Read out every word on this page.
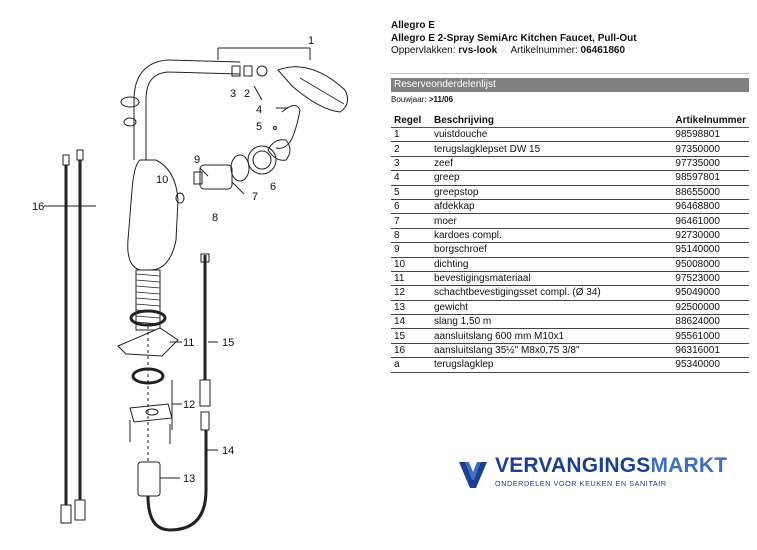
1
2
3
4
5
6
7
8
9
10
11
12
13
14
15
16
Allegro E
Allegro E 2-Spray SemiArc Kitchen Faucet, Pull-Out
Oppervlakken: rvs-look Artikelnummer: 06461860
Reserveonderdelenlijst
Bouwjaar: >11/06
Regel	Beschrijving	Artikelnummer
1	vuistdouche	98598801
2	terugslagklepset DW 15	97350000
3	zeef	97735000
4	greep	98597801
5	greepstop	88655000
6	afdekkap	96468800
7	moer	96461000
8	kardoes compl.	92730000
9	borgschroef	95140000
10	dichting	95008000
11	bevestigingsmateriaal	97523000
12	schachtbevestigingsset compl. (Ø 34)	95049000
13	gewicht	92500000
14	slang 1,50 m	88624000
15	aansluitslang 600 mm M10x1	95561000
16	aansluitslang 35½" M8x0,75 3/8"	96316001
a	terugslagklep	95340000
VERVANGINGSMARKT
ONDERDELEN VOOR KEUKEN EN SANITAIR
